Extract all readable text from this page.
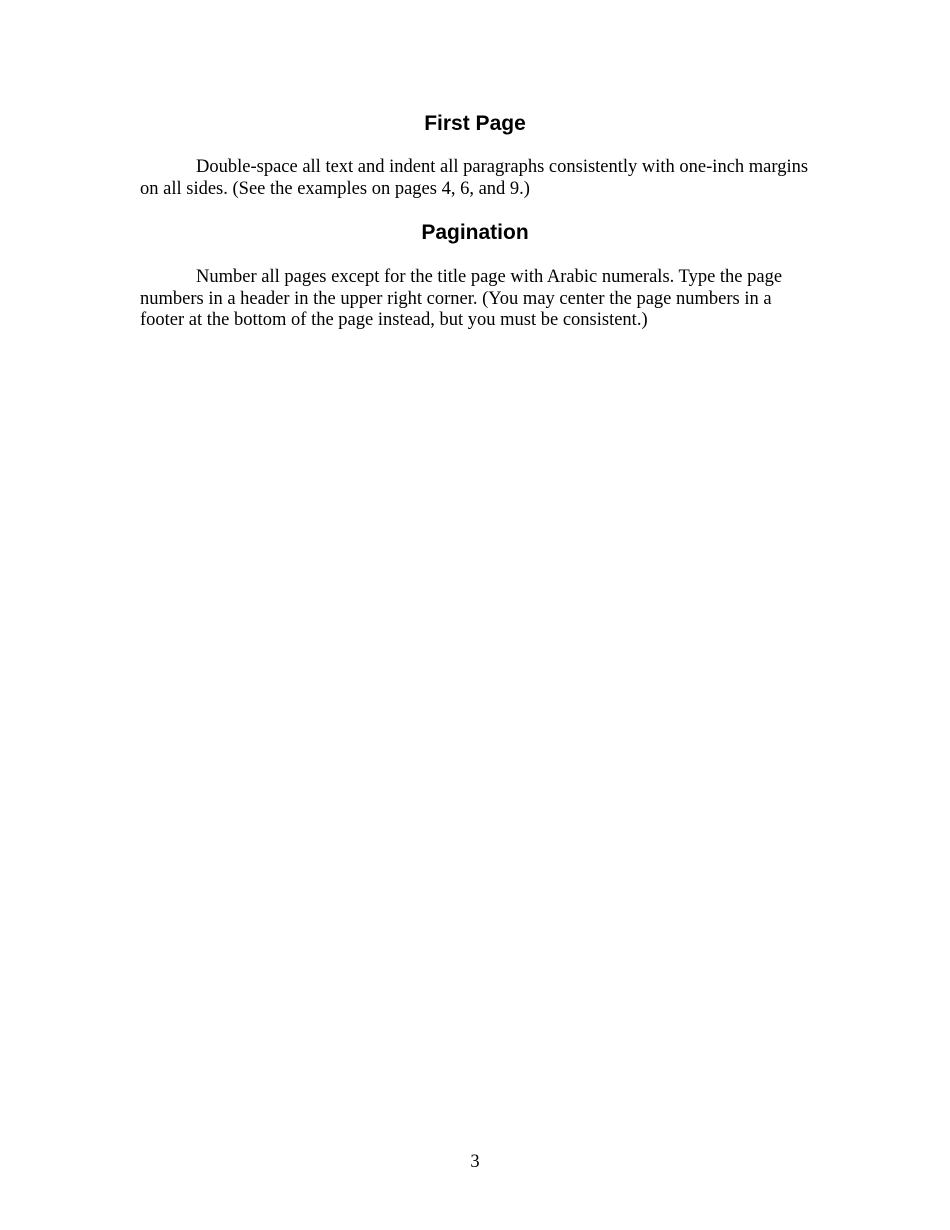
First Page

Double-space all text and indent all paragraphs consistently with one-inch margins on all sides. (See the examples on pages 4, 6, and 9.)

Pagination

Number all pages except for the title page with Arabic numerals. Type the page numbers in a header in the upper right corner. (You may center the page numbers in a footer at the bottom of the page instead, but you must be consistent.)

3
